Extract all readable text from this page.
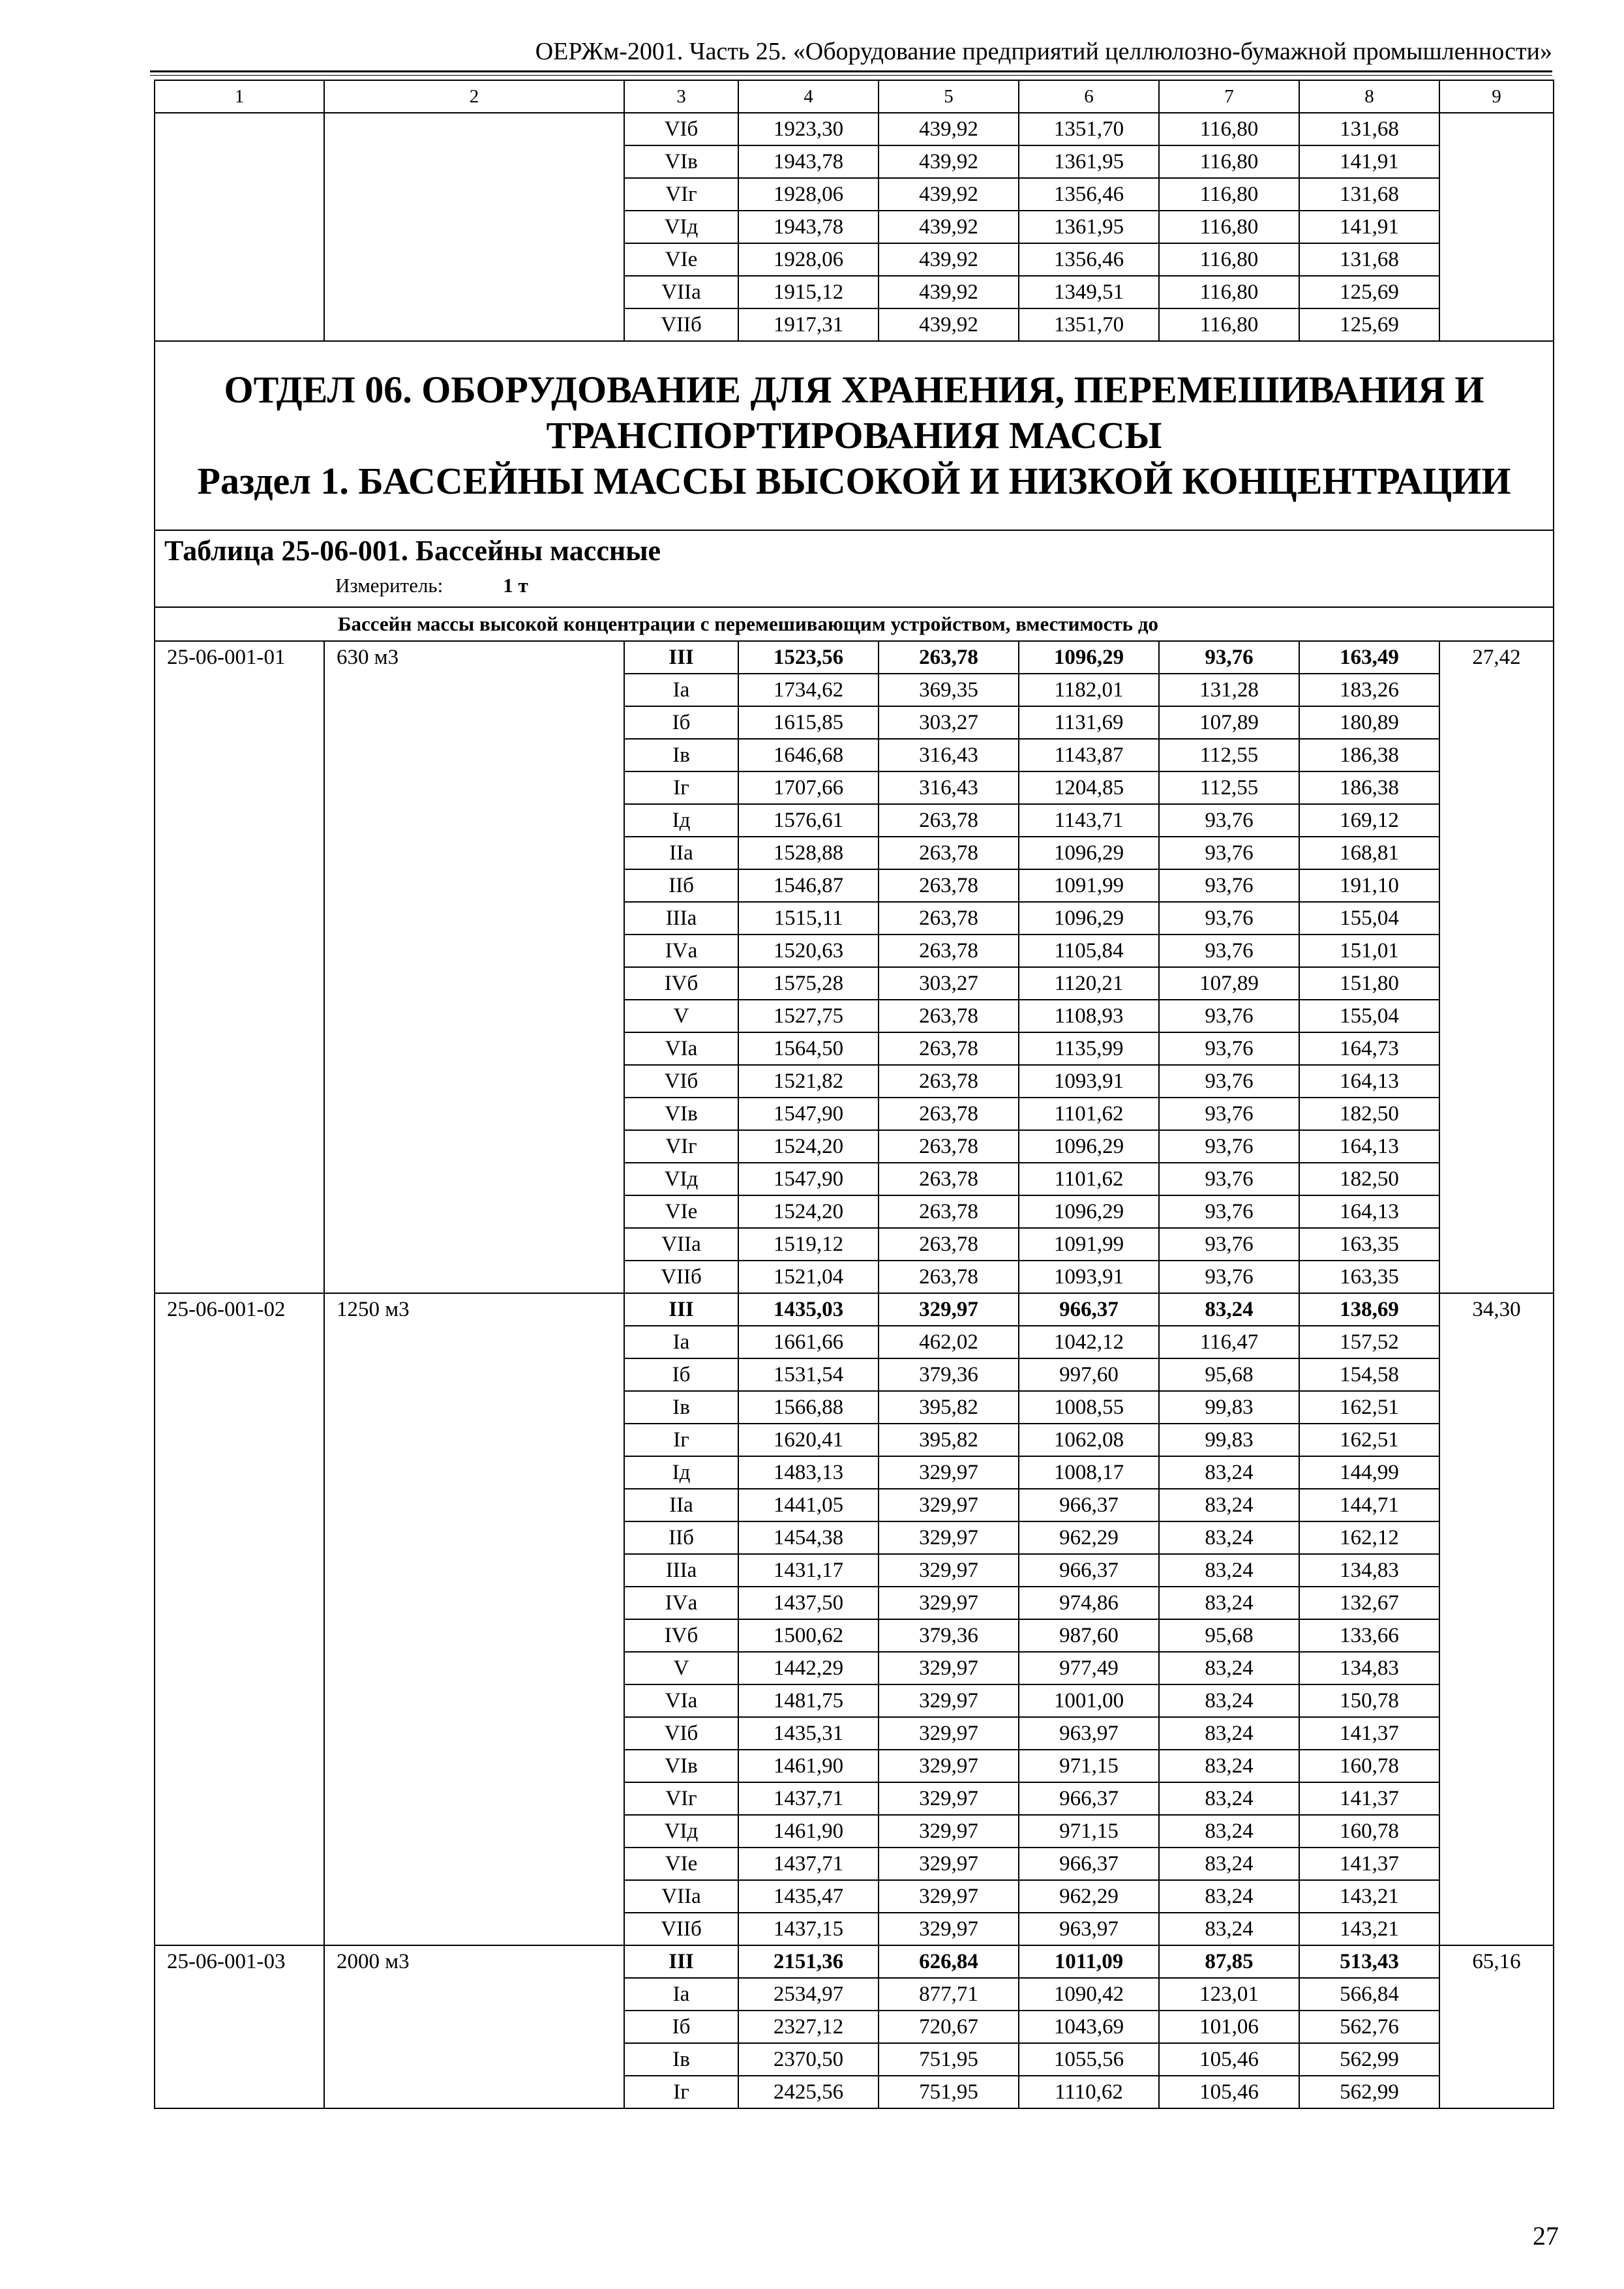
ОЕРЖм-2001. Часть 25. «Оборудование предприятий целлюлозно-бумажной промышленности»
1	2	3	4	5	6	7	8	9
		VIб	1923,30	439,92	1351,70	116,80	131,68	
		VIв	1943,78	439,92	1361,95	116,80	141,91	
		VIг	1928,06	439,92	1356,46	116,80	131,68	
		VIд	1943,78	439,92	1361,95	116,80	141,91	
		VIе	1928,06	439,92	1356,46	116,80	131,68	
		VIIа	1915,12	439,92	1349,51	116,80	125,69	
		VIIб	1917,31	439,92	1351,70	116,80	125,69	

ОТДЕЛ 06. ОБОРУДОВАНИЕ ДЛЯ ХРАНЕНИЯ, ПЕРЕМЕШИВАНИЯ И
ТРАНСПОРТИРОВАНИЯ МАССЫ
Раздел 1. БАССЕЙНЫ МАССЫ ВЫСОКОЙ И НИЗКОЙ КОНЦЕНТРАЦИИ								

Таблица 25-06-001. Бассейны массные
Измеритель: 1 т								

Бассейн массы высокой концентрации с перемешивающим устройством, вместимость до								
25-06-001-01	630 м3	III	1523,56	263,78	1096,29	93,76	163,49	27,42
		Iа	1734,62	369,35	1182,01	131,28	183,26	
		Iб	1615,85	303,27	1131,69	107,89	180,89	
		Iв	1646,68	316,43	1143,87	112,55	186,38	
		Iг	1707,66	316,43	1204,85	112,55	186,38	
		Iд	1576,61	263,78	1143,71	93,76	169,12	
		IIа	1528,88	263,78	1096,29	93,76	168,81	
		IIб	1546,87	263,78	1091,99	93,76	191,10	
		IIIа	1515,11	263,78	1096,29	93,76	155,04	
		IVа	1520,63	263,78	1105,84	93,76	151,01	
		IVб	1575,28	303,27	1120,21	107,89	151,80	
		V	1527,75	263,78	1108,93	93,76	155,04	
		VIа	1564,50	263,78	1135,99	93,76	164,73	
		VIб	1521,82	263,78	1093,91	93,76	164,13	
		VIв	1547,90	263,78	1101,62	93,76	182,50	
		VIг	1524,20	263,78	1096,29	93,76	164,13	
		VIд	1547,90	263,78	1101,62	93,76	182,50	
		VIе	1524,20	263,78	1096,29	93,76	164,13	
		VIIа	1519,12	263,78	1091,99	93,76	163,35	
		VIIб	1521,04	263,78	1093,91	93,76	163,35	
25-06-001-02	1250 м3	III	1435,03	329,97	966,37	83,24	138,69	34,30
		Iа	1661,66	462,02	1042,12	116,47	157,52	
		Iб	1531,54	379,36	997,60	95,68	154,58	
		Iв	1566,88	395,82	1008,55	99,83	162,51	
		Iг	1620,41	395,82	1062,08	99,83	162,51	
		Iд	1483,13	329,97	1008,17	83,24	144,99	
		IIа	1441,05	329,97	966,37	83,24	144,71	
		IIб	1454,38	329,97	962,29	83,24	162,12	
		IIIа	1431,17	329,97	966,37	83,24	134,83	
		IVа	1437,50	329,97	974,86	83,24	132,67	
		IVб	1500,62	379,36	987,60	95,68	133,66	
		V	1442,29	329,97	977,49	83,24	134,83	
		VIа	1481,75	329,97	1001,00	83,24	150,78	
		VIб	1435,31	329,97	963,97	83,24	141,37	
		VIв	1461,90	329,97	971,15	83,24	160,78	
		VIг	1437,71	329,97	966,37	83,24	141,37	
		VIд	1461,90	329,97	971,15	83,24	160,78	
		VIе	1437,71	329,97	966,37	83,24	141,37	
		VIIа	1435,47	329,97	962,29	83,24	143,21	
		VIIб	1437,15	329,97	963,97	83,24	143,21	
25-06-001-03	2000 м3	III	2151,36	626,84	1011,09	87,85	513,43	65,16
		Iа	2534,97	877,71	1090,42	123,01	566,84	
		Iб	2327,12	720,67	1043,69	101,06	562,76	
		Iв	2370,50	751,95	1055,56	105,46	562,99	
		Iг	2425,56	751,95	1110,62	105,46	562,99	
27
